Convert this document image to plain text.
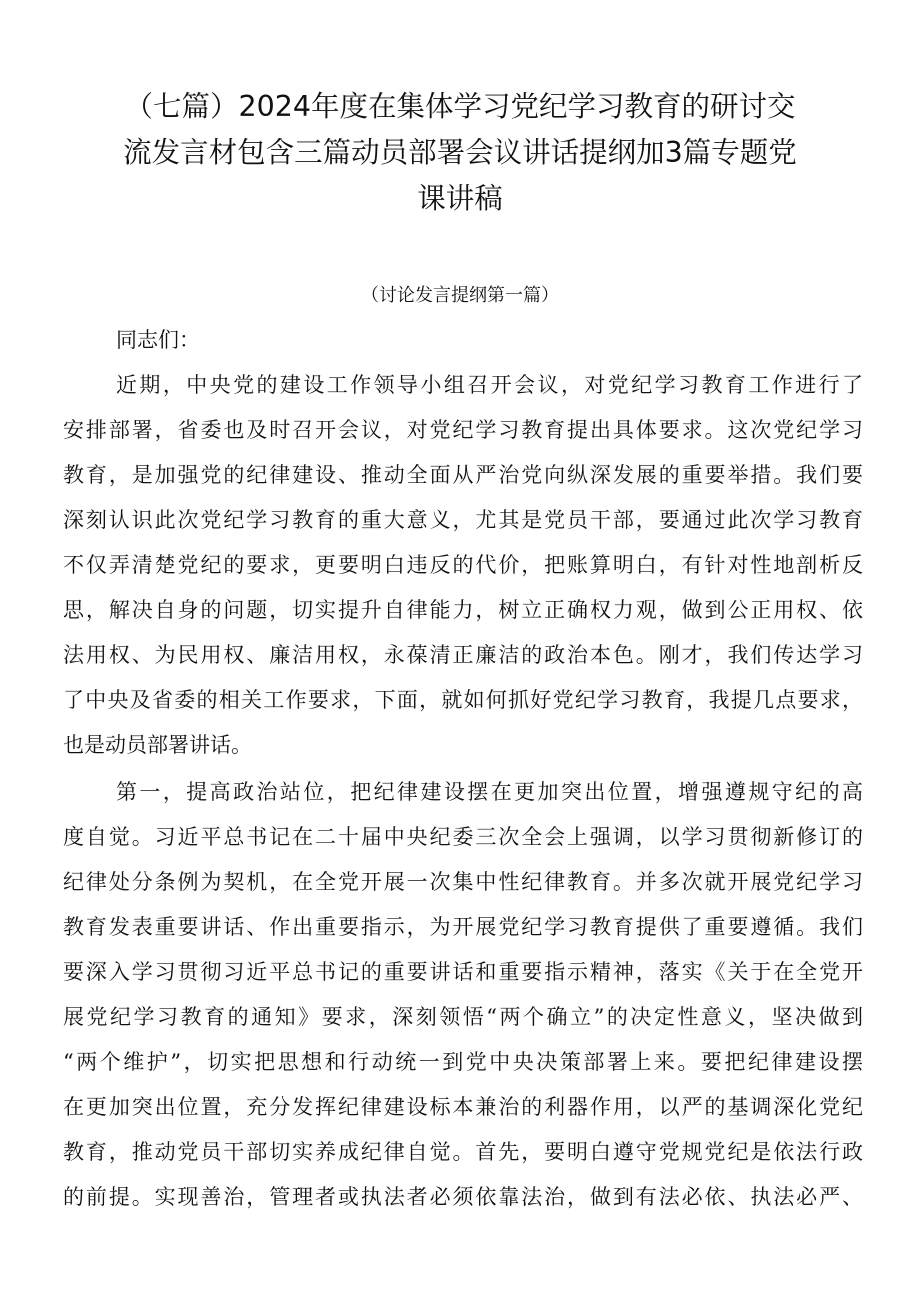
（七篇）2024年度在集体学习党纪学习教育的研讨交
流发言材包含三篇动员部署会议讲话提纲加3篇专题党
课讲稿
（讨论发言提纲第一篇）
同志们：
近期，中央党的建设工作领导小组召开会议，对党纪学习教育工作进行了
安排部署，省委也及时召开会议，对党纪学习教育提出具体要求。这次党纪学习
教育，是加强党的纪律建设、推动全面从严治党向纵深发展的重要举措。我们要
深刻认识此次党纪学习教育的重大意义，尤其是党员干部，要通过此次学习教育
不仅弄清楚党纪的要求，更要明白违反的代价，把账算明白，有针对性地剖析反
思，解决自身的问题，切实提升自律能力，树立正确权力观，做到公正用权、依
法用权、为民用权、廉洁用权，永葆清正廉洁的政治本色。刚才，我们传达学习
了中央及省委的相关工作要求，下面，就如何抓好党纪学习教育，我提几点要求，
也是动员部署讲话。
第一，提高政治站位，把纪律建设摆在更加突出位置，增强遵规守纪的高
度自觉。习近平总书记在二十届中央纪委三次全会上强调，以学习贯彻新修订的
纪律处分条例为契机，在全党开展一次集中性纪律教育。并多次就开展党纪学习
教育发表重要讲话、作出重要指示，为开展党纪学习教育提供了重要遵循。我们
要深入学习贯彻习近平总书记的重要讲话和重要指示精神，落实《关于在全党开
展党纪学习教育的通知》要求，深刻领悟“两个确立”的决定性意义，坚决做到
“两个维护”，切实把思想和行动统一到党中央决策部署上来。要把纪律建设摆
在更加突出位置，充分发挥纪律建设标本兼治的利器作用，以严的基调深化党纪
教育，推动党员干部切实养成纪律自觉。首先，要明白遵守党规党纪是依法行政
的前提。实现善治，管理者或执法者必须依靠法治，做到有法必依、执法必严、
